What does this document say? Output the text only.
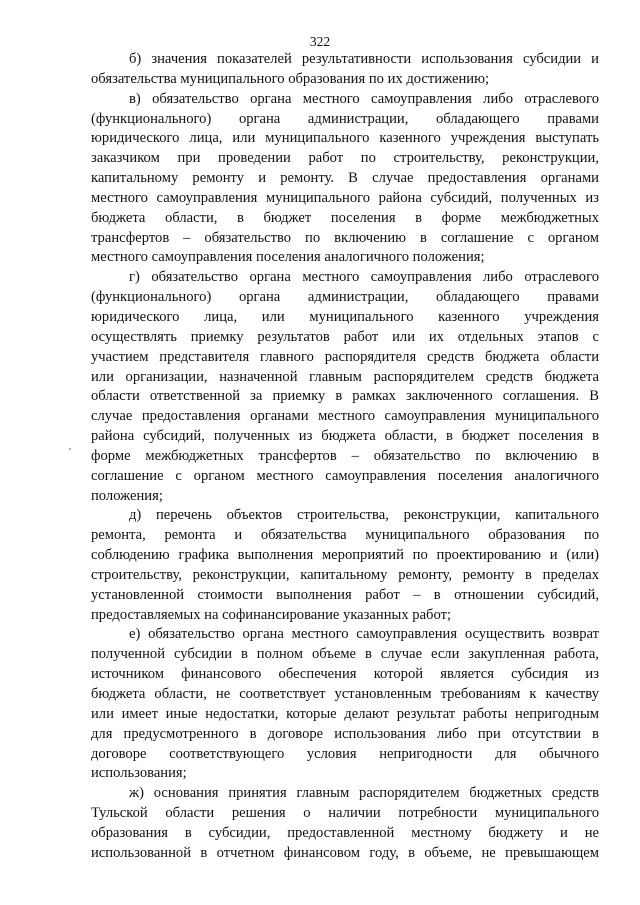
322
б) значения показателей результативности использования субсидии и
обязательства муниципального образования по их достижению;
в) обязательство органа местного самоуправления либо отраслевого
(функционального) органа администрации, обладающего правами
юридического лица, или муниципального казенного учреждения выступать
заказчиком при проведении работ по строительству, реконструкции,
капитальному ремонту и ремонту. В случае предоставления органами
местного самоуправления муниципального района субсидий, полученных из
бюджета области, в бюджет поселения в форме межбюджетных
трансфертов – обязательство по включению в соглашение с органом
местного самоуправления поселения аналогичного положения;
г) обязательство органа местного самоуправления либо отраслевого
(функционального) органа администрации, обладающего правами
юридического лица, или муниципального казенного учреждения
осуществлять приемку результатов работ или их отдельных этапов с
участием представителя главного распорядителя средств бюджета области
или организации, назначенной главным распорядителем средств бюджета
области ответственной за приемку в рамках заключенного соглашения. В
случае предоставления органами местного самоуправления муниципального
района субсидий, полученных из бюджета области, в бюджет поселения в
форме межбюджетных трансфертов – обязательство по включению в
соглашение с органом местного самоуправления поселения аналогичного
положения;
д) перечень объектов строительства, реконструкции, капитального
ремонта, ремонта и обязательства муниципального образования по
соблюдению графика выполнения мероприятий по проектированию и (или)
строительству, реконструкции, капитальному ремонту, ремонту в пределах
установленной стоимости выполнения работ – в отношении субсидий,
предоставляемых на софинансирование указанных работ;
е) обязательство органа местного самоуправления осуществить возврат
полученной субсидии в полном объеме в случае если закупленная работа,
источником финансового обеспечения которой является субсидия из
бюджета области, не соответствует установленным требованиям к качеству
или имеет иные недостатки, которые делают результат работы непригодным
для предусмотренного в договоре использования либо при отсутствии в
договоре соответствующего условия непригодности для обычного
использования;
ж) основания принятия главным распорядителем бюджетных средств
Тульской области решения о наличии потребности муниципального
образования в субсидии, предоставленной местному бюджету и не
использованной в отчетном финансовом году, в объеме, не превышающем
